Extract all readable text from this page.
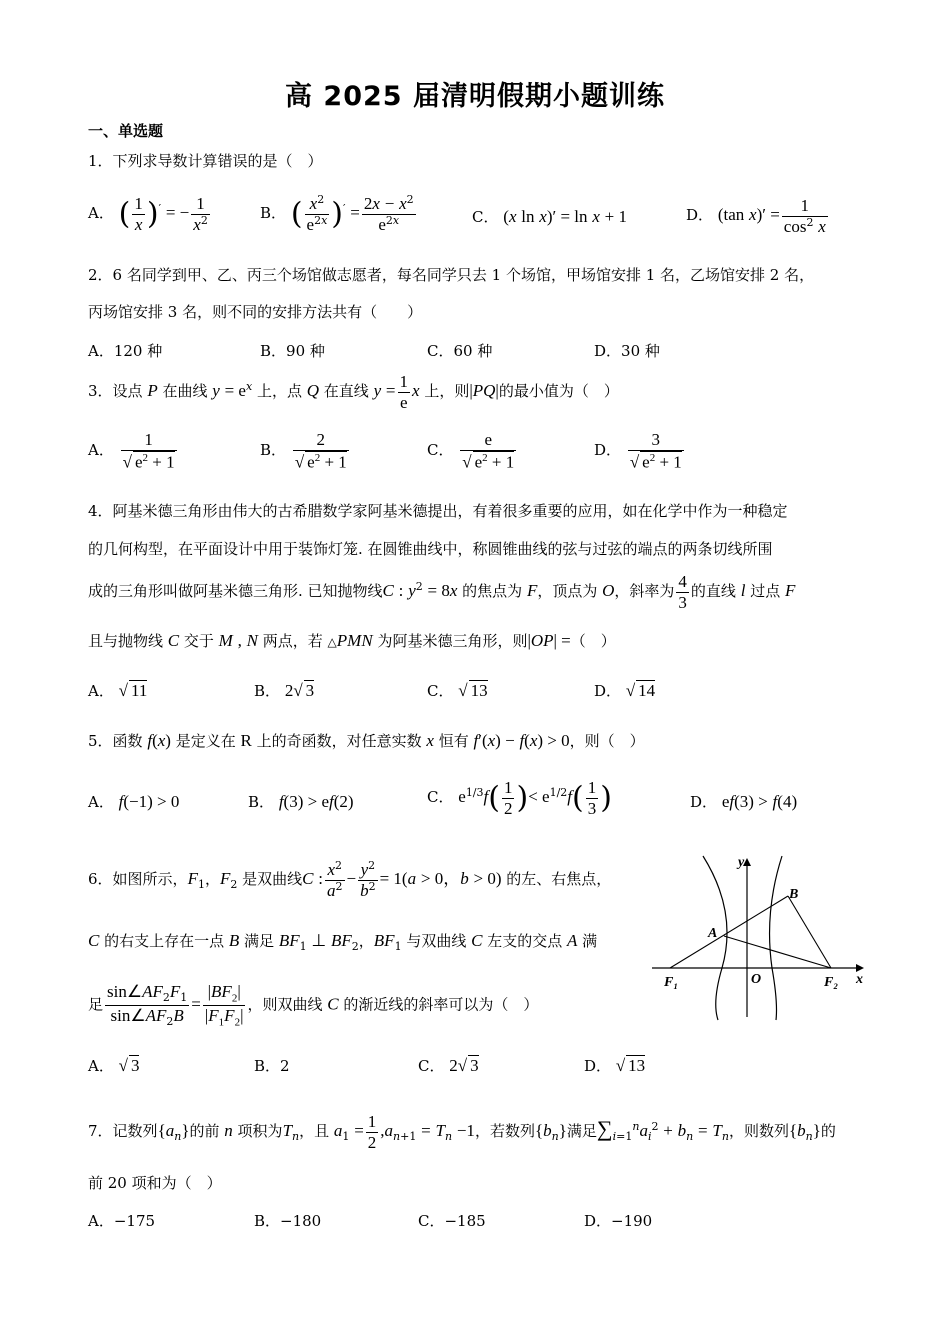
高 2025 届清明假期小题训练
一、单选题
1．下列求导数计算错误的是（　）
A． ( $\frac{1}{x} )'$ = − $\frac{1}{x^2}$	B． ( $\frac{x^2}{e^{2x}} )' = \frac{2x - x^2}{e^{2x}}$	C． (x ln x)′ = ln x + 1	D． (tan $x)' = \frac{1}{\cos^2 x}$
2．6 名同学到甲、乙、丙三个场馆做志愿者，每名同学只去 1 个场馆，甲场馆安排 1 名，乙场馆安排 2 名，
丙场馆安排 3 名，则不同的安排方法共有（　　）
A．120 种	B．90 种	C．60 种	D．30 种
3．设点 P 在曲线 $y = e^x$ 上，点 Q 在直线 $y = \frac{1}{e}$ x 上，则|PQ|的最小值为（　）
A． $\frac{1}{√ e^2 + 1}$	B． $\frac{2}{√ e^2 + 1}$	C． $\frac{e}{√ e^2 + 1}$	D． $\frac{3}{√ e^2 + 1}$
4．阿基米德三角形由伟大的古希腊数学家阿基米德提出，有着很多重要的应用，如在化学中作为一种稳定
的几何构型，在平面设计中用于装饰灯笼. 在圆锥曲线中，称圆锥曲线的弦与过弦的端点的两条切线所围
成的三角形叫做阿基米德三角形. 已知抛物线C : $y^2 = 8x$ 的焦点为 F，顶点为 O，斜率为 $\frac{4}{3}$ 的直线 l 过点 F
且与抛物线 C 交于 M , N 两点，若 △PMN 为阿基米德三角形，则|OP| =（　）
A． √ 11	B． 2√ 3	C． √ 13	D． √ 14
5．函数 f(x) 是定义在 R 上的奇函数，对任意实数 x 恒有 f′(x) − f(x) > 0，则（　）
A． f(−1) > 0	B． f(3) > ef(2)	C． $e^{1/3}f( \frac{1}{2}$ )< $e^{1/2}f( \frac{1}{3}$ )	D． ef(3) > f(4)
6．如图所示，$F_1$，$F_2$ 是双曲线C : $\frac{x^2}{a^2} - \frac{y^2}{b^2} = 1(a > 0$，b > 0) 的左、右焦点，
C 的右支上存在一点 B 满足 $BF_1$ ⊥ $BF_2$，$BF_1$ 与双曲线 C 左支的交点 A 满
足 $\frac{\sin\angle AF_2F_1}{\sin\angle AF_2B} = \frac{|BF_2|}{|F_1F_2|}$ ，则双曲线 C 的渐近线的斜率可以为（　）
A． √ 3	B．2	C． 2√ 3	D． √ 13
y
B
A
O
F₁	F₂ x
7．记数列$\{a_n\}$的前 n 项积为$T_n$，且 $a_1 = \frac{1}{2} ,a_{n+1} = T_n -1$，若数列$\{b_n\}$满足$\sum_{i=1}^na_i^2 + b_n = T_n$，则数列$\{b_n\}$的
前 20 项和为（　）
A．−175	B．−180	C．−185	D．−190
